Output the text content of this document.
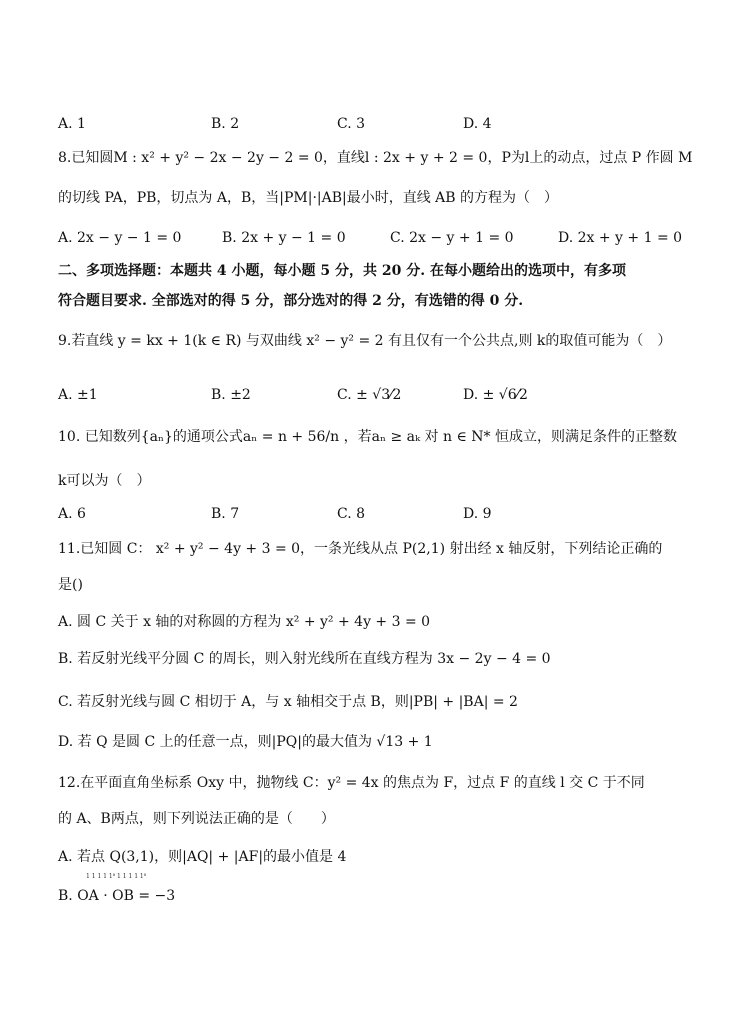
A. 1	B. 2	C. 3	D. 4
8.已知圆M : x² + y² − 2x − 2y − 2 = 0，直线l : 2x + y + 2 = 0，P为l上的动点，过点 P 作圆 M
的切线 PA，PB，切点为 A，B，当|PM|·|AB|最小时，直线 AB 的方程为（　）
A. 2x − y − 1 = 0	B. 2x + y − 1 = 0	C. 2x − y + 1 = 0	D. 2x + y + 1 = 0
二、多项选择题：本题共 4 小题，每小题 5 分，共 20 分. 在每小题给出的选项中，有多项
符合题目要求. 全部选对的得 5 分，部分选对的得 2 分，有选错的得 0 分.
9.若直线 y = kx + 1(k ∈ R) 与双曲线 x² − y² = 2 有且仅有一个公共点,则 k的取值可能为（　）
A. ±1	B. ±2	C. ± √3⁄2	D. ± √6⁄2
10. 已知数列{aₙ}的通项公式aₙ = n + 56/n ，若aₙ ≥ aₖ 对 n ∈ N* 恒成立，则满足条件的正整数
k可以为（　）
A. 6	B. 7	C. 8	D. 9
11.已知圆 C： x² + y² − 4y + 3 = 0，一条光线从点 P(2,1) 射出经 x 轴反射，下列结论正确的
是()
A. 圆 C 关于 x 轴的对称圆的方程为 x² + y² + 4y + 3 = 0
B. 若反射光线平分圆 C 的周长，则入射光线所在直线方程为 3x − 2y − 4 = 0
C. 若反射光线与圆 C 相切于 A，与 x 轴相交于点 B，则|PB| + |BA| = 2
D. 若 Q 是圆 C 上的任意一点，则|PQ|的最大值为 √13 + 1
12.在平面直角坐标系 Oxy 中，抛物线 C：y² = 4x 的焦点为 F，过点 F 的直线 l 交 C 于不同
的 A、B两点，则下列说法正确的是（　　）
A. 若点 Q(3,1)，则|AQ| + |AF|的最小值是 4
1 1 1 1 1⁸ 1 1 1 1 1⁸
B. OA · OB = −3
